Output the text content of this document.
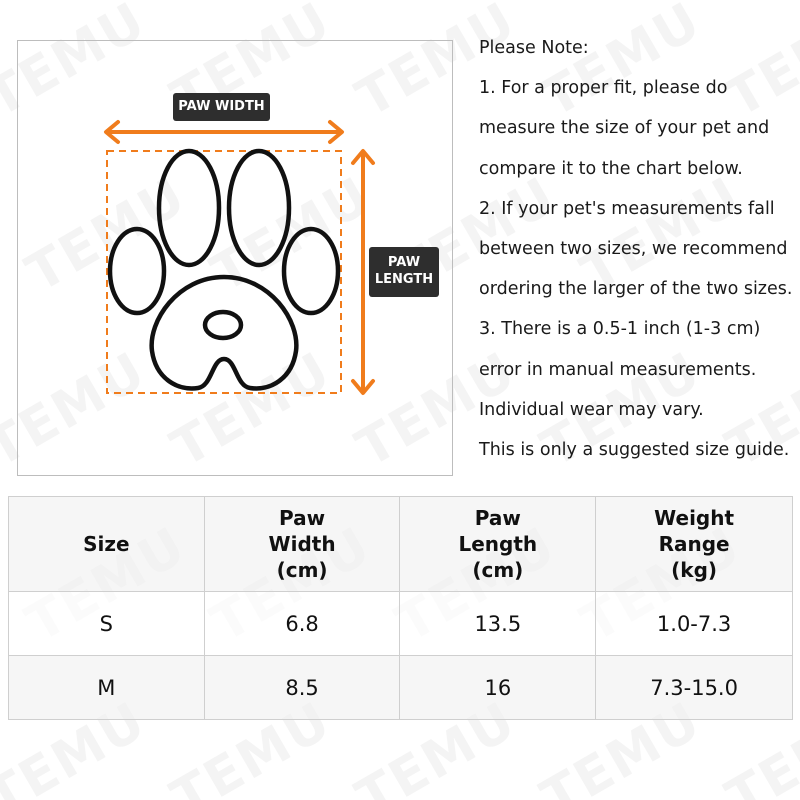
PAW WIDTH
PAW
LENGTH

Please Note:

1. For a proper fit, please do

measure the size of your pet and

compare it to the chart below.

2. If your pet's measurements fall

between two sizes, we recommend

ordering the larger of the two sizes.

3. There is a 0.5-1 inch (1-3 cm)

error in manual measurements.

Individual wear may vary.

This is only a suggested size guide.

Size	Paw
Width
(cm)	Paw
Length
(cm)	Weight
Range
(kg)

S	6.8	13.5	1.0-7.3
M	8.5	16	7.3-15.0
